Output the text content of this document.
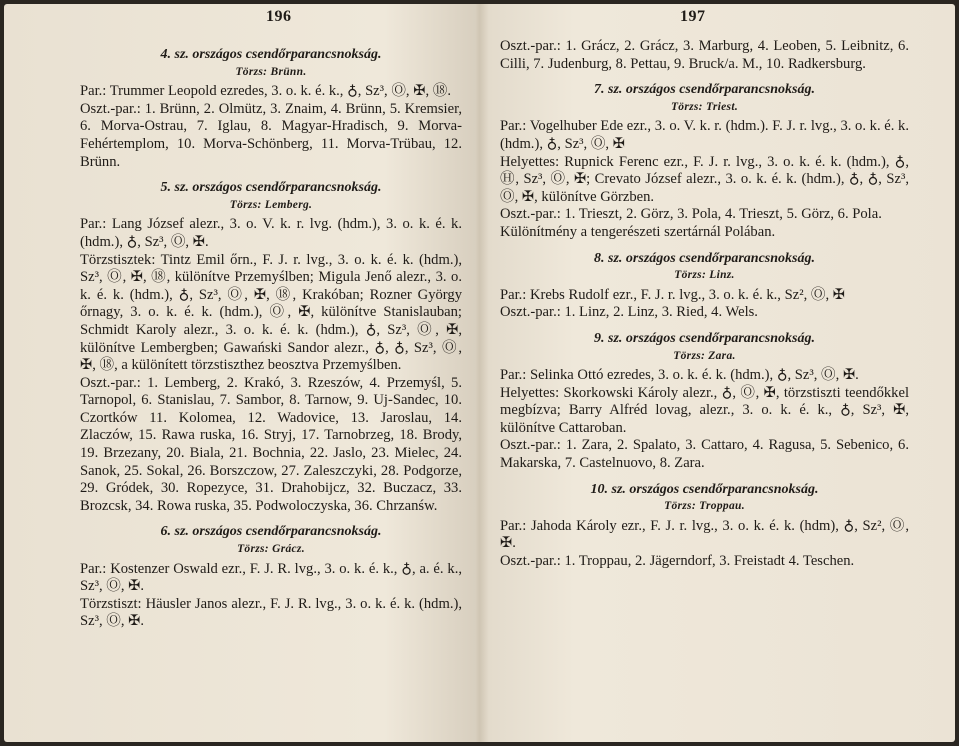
196
4. sz. országos csendőrparancsnokság.
Törzs: Brünn.

Par.: Trummer Leopold ezredes, 3. o. k. é. k., ♁, Sz³, Ⓞ, ✠, ⑱.

Oszt.-par.: 1. Brünn, 2. Olmütz, 3. Znaim, 4. Brünn, 5. Kremsier, 6. Morva-Ostrau, 7. Iglau, 8. Magyar-Hradisch, 9. Morva-Fehértemplom, 10. Morva-Schönberg, 11. Morva-Trübau, 12. Brünn.

5. sz. országos csendőrparancsnokság.
Törzs: Lemberg.

Par.: Lang József alezr., 3. o. V. k. r. lvg. (hdm.), 3. o. k. é. k. (hdm.), ♁, Sz³, Ⓞ, ✠.

Törzstisztek: Tintz Emil őrn., F. J. r. lvg., 3. o. k. é. k. (hdm.), Sz³, Ⓞ, ✠, ⑱, különítve Przemyślben; Migula Jenő alezr., 3. o. k. é. k. (hdm.), ♁, Sz³, Ⓞ, ✠, ⑱, Krakóban; Rozner György őrnagy, 3. o. k. é. k. (hdm.), Ⓞ, ✠, különítve Stanislauban; Schmidt Karoly alezr., 3. o. k. é. k. (hdm.), ♁, Sz³, Ⓞ, ✠, különítve Lembergben; Gawański Sandor alezr., ♁, ♁, Sz³, Ⓞ, ✠, ⑱, a különített törzstiszthez beosztva Przemyślben.

Oszt.-par.: 1. Lemberg, 2. Krakó, 3. Rzeszów, 4. Przemyśl, 5. Tarnopol, 6. Stanislau, 7. Sambor, 8. Tarnow, 9. Uj-Sandec, 10. Czortków 11. Kolomea, 12. Wadovice, 13. Jaroslau, 14. Zlaczów, 15. Rawa ruska, 16. Stryj, 17. Tarnobrzeg, 18. Brody, 19. Brzezany, 20. Biala, 21. Bochnia, 22. Jaslo, 23. Mielec, 24. Sanok, 25. Sokal, 26. Borszczow, 27. Zaleszczyki, 28. Podgorze, 29. Gródek, 30. Ropezyce, 31. Drahobijcz, 32. Buczacz, 33. Brozcsk, 34. Rowa ruska, 35. Podwoloczyska, 36. Chrzanśw.

6. sz. országos csendőrparancsnokság.
Törzs: Grácz.

Par.: Kostenzer Oswald ezr., F. J. R. lvg., 3. o. k. é. k., ♁, a. é. k., Sz³, Ⓞ, ✠.

Törzstiszt: Häusler Janos alezr., F. J. R. lvg., 3. o. k. é. k. (hdm.), Sz³, Ⓞ, ✠.

197

Oszt.-par.: 1. Grácz, 2. Grácz, 3. Marburg, 4. Leoben, 5. Leibnitz, 6. Cilli, 7. Judenburg, 8. Pettau, 9. Bruck/a. M., 10. Radkersburg.

7. sz. országos csendőrparancsnokság.
Törzs: Triest.

Par.: Vogelhuber Ede ezr., 3. o. V. k. r. (hdm.). F. J. r. lvg., 3. o. k. é. k. (hdm.), ♁, Sz³, Ⓞ, ✠

Helyettes: Rupnick Ferenc ezr., F. J. r. lvg., 3. o. k. é. k. (hdm.), ♁, Ⓗ, Sz³, Ⓞ, ✠; Crevato József alezr., 3. o. k. é. k. (hdm.), ♁, ♁, Sz³, Ⓞ, ✠, különítve Görzben.

Oszt.-par.: 1. Trieszt, 2. Görz, 3. Pola, 4. Trieszt, 5. Görz, 6. Pola.

Különítmény a tengerészeti szertárnál Polában.

8. sz. országos csendőrparancsnokság.
Törzs: Linz.

Par.: Krebs Rudolf ezr., F. J. r. lvg., 3. o. k. é. k., Sz², Ⓞ, ✠

Oszt.-par.: 1. Linz, 2. Linz, 3. Ried, 4. Wels.

9. sz. országos csendőrparancsnokság.
Törzs: Zara.

Par.: Selinka Ottó ezredes, 3. o. k. é. k. (hdm.), ♁, Sz³, Ⓞ, ✠.

Helyettes: Skorkowski Károly alezr., ♁, Ⓞ, ✠, törzstiszti teendőkkel megbízva; Barry Alfréd lovag, alezr., 3. o. k. é. k., ♁, Sz³, ✠, különítve Cattaroban.

Oszt.-par.: 1. Zara, 2. Spalato, 3. Cattaro, 4. Ragusa, 5. Sebenico, 6. Makarska, 7. Castelnuovo, 8. Zara.

10. sz. országos csendőrparancsnokság.
Törzs: Troppau.

Par.: Jahoda Károly ezr., F. J. r. lvg., 3. o. k. é. k. (hdm), ♁, Sz², Ⓞ, ✠.

Oszt.-par.: 1. Troppau, 2. Jägerndorf, 3. Freistadt 4. Teschen.
